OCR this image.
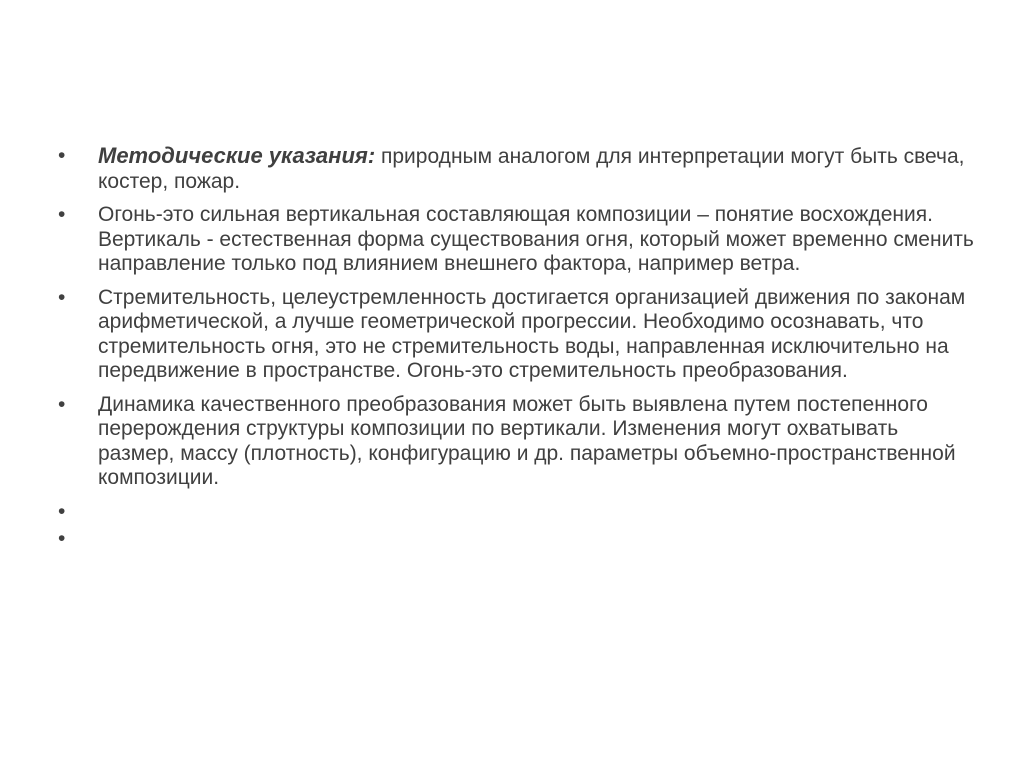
• Методические указания: природным аналогом для интерпретации могут быть свеча, костер, пожар.
• Огонь-это сильная вертикальная составляющая композиции – понятие восхождения. Вертикаль - естественная форма существования огня, который может временно сменить направление только под влиянием внешнего фактора, например ветра.
• Стремительность, целеустремленность достигается организацией движения по законам арифметической, а лучше геометрической прогрессии. Необходимо осознавать, что стремительность огня, это не стремительность воды, направленная исключительно на передвижение в пространстве. Огонь-это стремительность преобразования.
• Динамика качественного преобразования может быть выявлена путем постепенного перерождения структуры композиции по вертикали. Изменения могут охватывать размер, массу (плотность), конфигурацию и др. параметры объемно-пространственной композиции.
•
•
